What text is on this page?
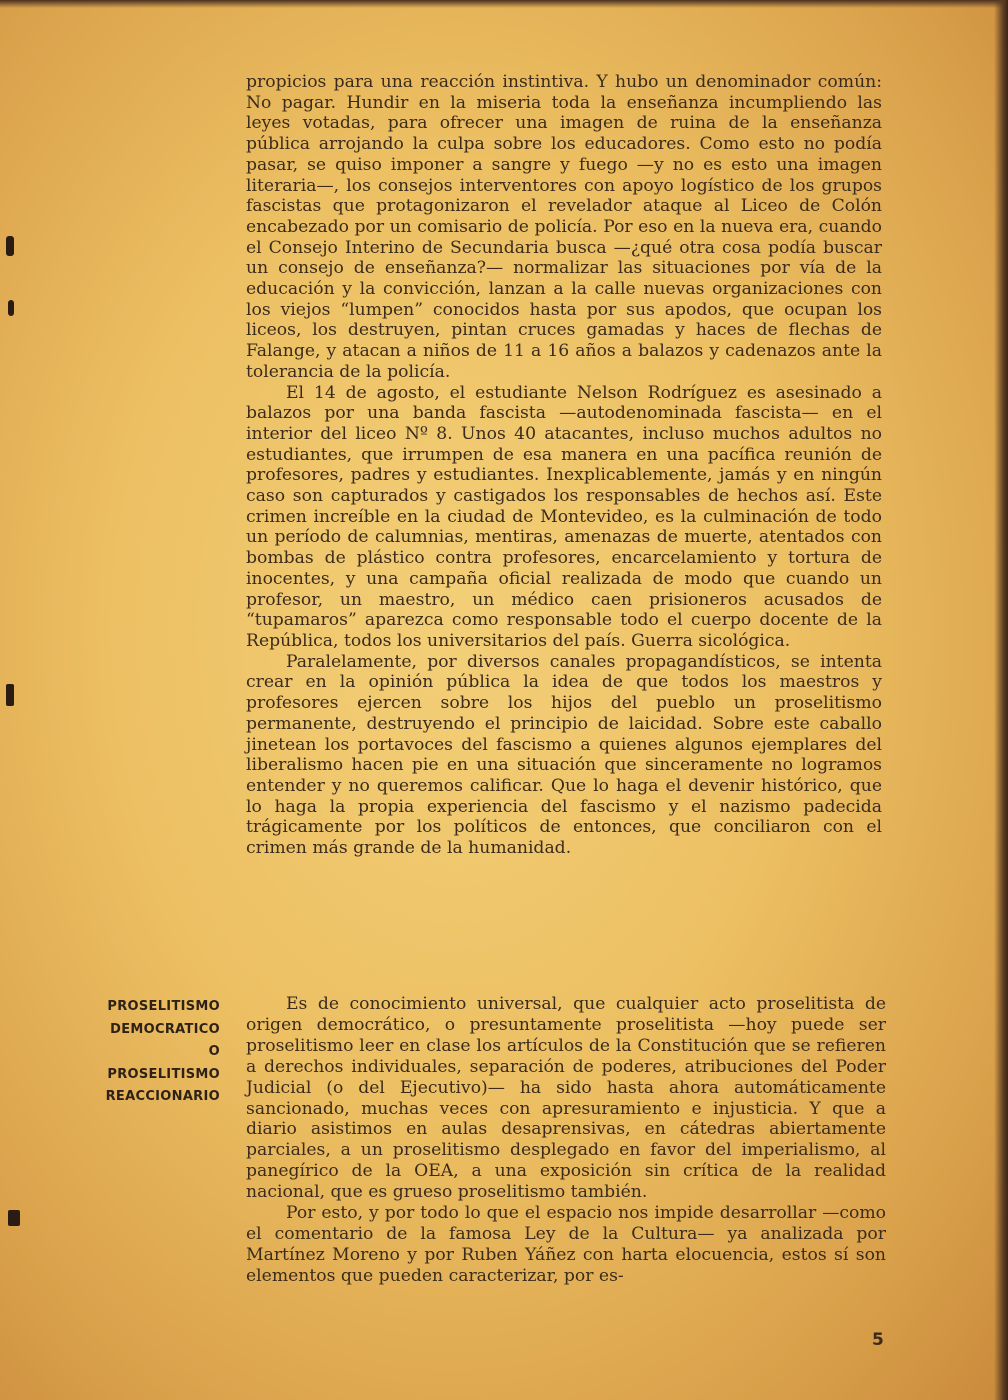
propicios para una reacción instintiva. Y hubo un denominador común: No pagar. Hundir en la miseria toda la enseñanza incumpliendo las leyes votadas, para ofrecer una imagen de ruina de la enseñanza pública arrojando la culpa sobre los educadores. Como esto no podía pasar, se quiso imponer a sangre y fuego —y no es esto una imagen literaria—, los consejos interventores con apoyo logístico de los grupos fascistas que protagonizaron el revelador ataque al Liceo de Colón encabezado por un comisario de policía. Por eso en la nueva era, cuando el Consejo Interino de Secundaria busca —¿qué otra cosa podía buscar un consejo de enseñanza?— normalizar las situaciones por vía de la educación y la convicción, lanzan a la calle nuevas organizaciones con los viejos “lumpen” conocidos hasta por sus apodos, que ocupan los liceos, los destruyen, pintan cruces gamadas y haces de flechas de Falange, y atacan a niños de 11 a 16 años a balazos y cadenazos ante la tolerancia de la policía.

El 14 de agosto, el estudiante Nelson Rodríguez es asesinado a balazos por una banda fascista —autodenominada fascista— en el interior del liceo Nº 8. Unos 40 atacantes, incluso muchos adultos no estudiantes, que irrumpen de esa manera en una pacífica reunión de profesores, padres y estudiantes. Inexplicablemente, jamás y en ningún caso son capturados y castigados los responsables de hechos así. Este crimen increíble en la ciudad de Montevideo, es la culminación de todo un período de calumnias, mentiras, amenazas de muerte, atentados con bombas de plástico contra profesores, encarcelamiento y tortura de inocentes, y una campaña oficial realizada de modo que cuando un profesor, un maestro, un médico caen prisioneros acusados de “tupamaros” aparezca como responsable todo el cuerpo docente de la República, todos los universitarios del país. Guerra sicológica.

Paralelamente, por diversos canales propagandísticos, se intenta crear en la opinión pública la idea de que todos los maestros y profesores ejercen sobre los hijos del pueblo un proselitismo permanente, destruyendo el principio de laicidad. Sobre este caballo jinetean los portavoces del fascismo a quienes algunos ejemplares del liberalismo hacen pie en una situación que sinceramente no logramos entender y no queremos calificar. Que lo haga el devenir histórico, que lo haga la propia experiencia del fascismo y el nazismo padecida trágicamente por los políticos de entonces, que conciliaron con el crimen más grande de la humanidad.

PROSELITISMO
DEMOCRATICO
O
PROSELITISMO
REACCIONARIO

Es de conocimiento universal, que cualquier acto proselitista de origen democrático, o presuntamente proselitista —hoy puede ser proselitismo leer en clase los artículos de la Constitución que se refieren a derechos individuales, separación de poderes, atribuciones del Poder Judicial (o del Ejecutivo)— ha sido hasta ahora automáticamente sancionado, muchas veces con apresuramiento e injusticia. Y que a diario asistimos en aulas desaprensivas, en cátedras abiertamente parciales, a un proselitismo desplegado en favor del imperialismo, al panegírico de la OEA, a una exposición sin crítica de la realidad nacional, que es grueso proselitismo también.

Por esto, y por todo lo que el espacio nos impide desarrollar —como el comentario de la famosa Ley de la Cultura— ya analizada por Martínez Moreno y por Ruben Yáñez con harta elocuencia, estos sí son elementos que pueden caracterizar, por es-

5
